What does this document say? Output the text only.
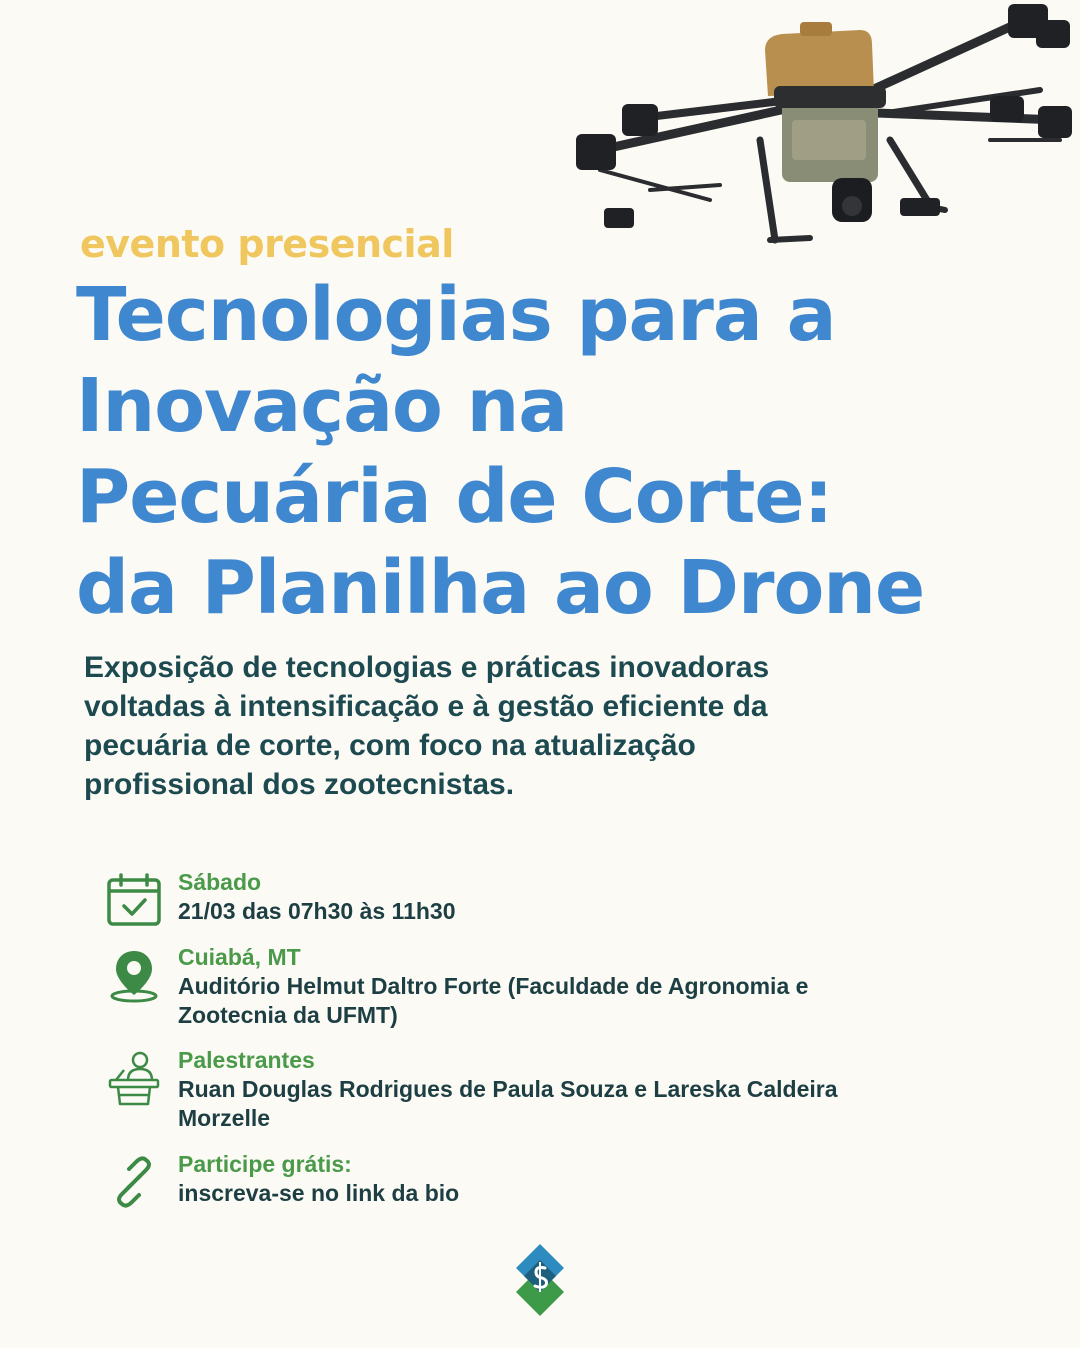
evento presencial
Tecnologias para a
Inovação na
Pecuária de Corte:
da Planilha ao Drone

Exposição de tecnologias e práticas inovadoras voltadas à intensificação e à gestão eficiente da pecuária de corte, com foco na atualização profissional dos zootecnistas.

Sábado
21/03 das 07h30 às 11h30
Cuiabá, MT
Auditório Helmut Daltro Forte (Faculdade de Agronomia e Zootecnia da UFMT)
Palestrantes
Ruan Douglas Rodrigues de Paula Souza e Lareska Caldeira Morzelle
Participe grátis:
inscreva-se no link da bio
